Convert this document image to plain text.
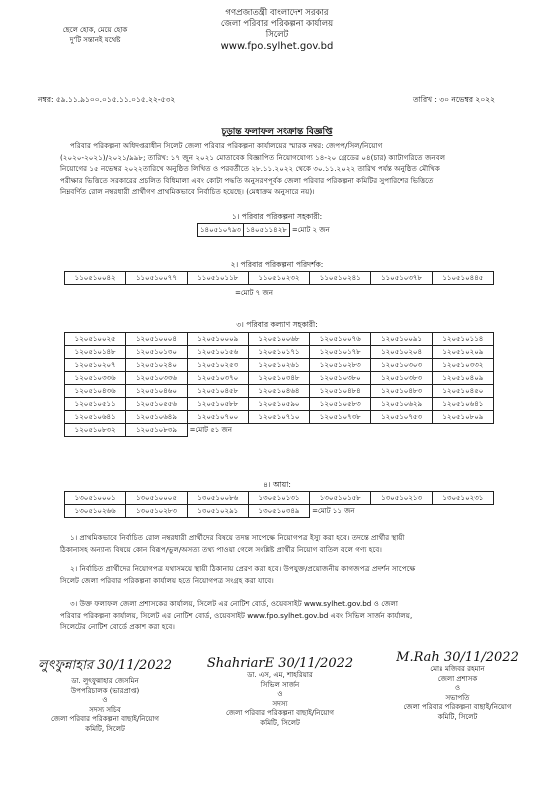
গণপ্রজাতন্ত্রী বাংলাদেশ সরকার
জেলা পরিবার পরিকল্পনা কার্যালয়
সিলেট
www.fpo.sylhet.gov.bd
ছেলে হোক, মেয়ে হোক
দু'টি সন্তানই যথেষ্ট
নম্বর: ৫৯.১১.৯১০০.০১৫.১১.০১৫.২২-৫৩২	তারিখ : ৩০ নভেম্বর ২০২২
চূড়ান্ত ফলাফল সংক্রান্ত বিজ্ঞপ্তি
পরিবার পরিকল্পনা অধিদপ্তরাধীন সিলেট জেলা পরিবার পরিকল্পনা কার্যালয়ের স্মারক নম্বর: জেপপ/সিল/নিয়োগ
(২০২০-২০২১)/২০২১/৯৯৮; তারিখ: ১৭ জুন ২০২১ মোতাবেক বিজ্ঞাপিত নিয়োগযোগ্য ১৪-২০ গ্রেডের ০৪(চার) ক্যাটাগরিতে জনবল
নিয়োগের ১৫ নভেম্বর ২০২২তারিখে অনুষ্ঠিত লিখিত ও পরবর্তীতে ২৮.১১.২০২২ থেকে ৩০.১১.২০২২ তারিখ পর্যন্ত অনুষ্ঠিত মৌখিক
পরীক্ষার ভিত্তিতে সরকারের প্রচলিত বিধিমালা এবং কোটা পদ্ধতি অনুসরণপূর্বক জেলা পরিবার পরিকল্পনা কমিটির সুপারিশের ভিত্তিতে
নিম্নবর্ণিত রোল নম্বরধারী প্রার্থীগণ প্রাথমিকভাবে নির্বাচিত হয়েছে। (মেধাক্রম অনুসারে নয়)।
১। পরিবার পরিকল্পনা সহকারী:
১৪০৫১০৭৯৩	১৪০৫১১৪২৮	=মোট ২ জন
২। পরিবার পরিকল্পনা পরিদর্শক:
১১০৫১০০৪২	১১০৫১০০৭৭	১১০৫১০১১৮	১১০৫১০২৩২	১১০৫১০২৪১	১১০৫১০৩৭৮	১১০৫১০৪৪৫
=মোট ৭ জন
৩। পরিবার কল্যাণ সহকারী:
১২০৫১০০২৫	১২০৫১০০০৪	১২০৫১০০০৯	১২০৫১০০৬৮	১২০৫১০০৭৬	১২০৫১০০৯১	১২০৫১০১১৪
১২০৫১০১৪৮	১২০৫১০১৩০	১২০৫১০১৫৬	১২০৫১০১৭১	১২০৫১০১৭৮	১২০৫১০২০৪	১২০৫১০২০৯
১২০৫১০২০৭	১২০৫১০২৪০	১২০৫১০২৫৩	১২০৫১০২৬১	১২০৫১০২৮৩	১২০৫১০৩০৩	১২০৫১০৩৩২
১২০৫১০৩৩৬	১২০৫১০৩৩৬	১২০৫১০৩৭০	১২০৫১০৩৪৮	১২০৫১০৩৮০	১২০৫১০৩৮৩	১২০৫১০৪০৯
১২০৫১০৪৩৬	১২০৫১০৪৬০	১২০৫১০৪৫৮	১২০৫১০৪৬৪	১২০৫১০৪৮৪	১২০৫১০৪৮৩	১২০৫১০৪৫০
১২০৫১০৫১১	১২০৫১০৫৫৬	১২০৫১০৫৮৮	১২০৫১০৫৯০	১২০৫১০৫৮৩	১২০৫১০৬২৯	১২০৫১০৬৪১
১২০৫১০৬৪১	১২০৫১০৬৪৯	১২০৫১০৭০০	১২০৫১০৭১০	১২০৫১০৭৩৮	১২০৫১০৭৫৩	১২০৫১০৮০৯
১২০৫১০৮৩২	১২০৫১০৮৩৯	=মোট ৫১ জন				
৪। আয়া:
১৩০৫১০০০১	১৩০৫১০০০৫	১৩০৫১০০৮৬	১৩০৫১০১৩১	১৩০৫১০১৫৮	১৩০৫১০২১৩	১৩০৫১০২৩১
১৩০৫১০২৬৬	১৩০৫১০২৮৩	১৩০৫১০২৯১	১৩০৫১০৩৪৯	=মোট ১১ জন		
১। প্রাথমিকভাবে নির্বাচিত রোল নম্বরধারী প্রার্থীদের বিষয়ে তদন্ত সাপেক্ষে নিয়োগপত্র ইস্যু করা হবে। তদন্তে প্রার্থীর স্থায়ী
ঠিকানাসহ অন্যান্য বিষয়ে কোন বিরূপ/ভুল/অসত্য তথ্য পাওয়া গেলে সংশ্লিষ্ট প্রার্থীর নিয়োগ বাতিল বলে গণ্য হবে।
২। নির্বাচিত প্রার্থীদের নিয়োগপত্র যথাসময়ে স্থায়ী ঠিকানায় প্রেরণ করা হবে। উপযুক্ত/প্রয়োজনীয় কাগজপত্র প্রদর্শন সাপেক্ষে
সিলেট জেলা পরিবার পরিকল্পনা কার্যালয় হতে নিয়োগপত্র সংগ্রহ করা যাবে।
৩। উক্ত ফলাফল জেলা প্রশাসকের কার্যালয়, সিলেট এর নোটিশ বোর্ড, ওয়েবসাইট www.sylhet.gov.bd ও জেলা
পরিবার পরিকল্পনা কার্যালয়, সিলেট এর নোটিশ বোর্ড, ওয়েবসাইট www.fpo.sylhet.gov.bd এবং সিভিল সার্জন কার্যালয়,
সিলেটের নোটিশ বোর্ডে প্রকাশ করা হবে।
লুৎফুন্নাহার 30/11/2022
ডা. লুৎফুন্নাহার জেসমিন
উপপরিচালক (ভারপ্রাপ্ত)
ও
সদস্য সচিব
জেলা পরিবার পরিকল্পনা বাছাই/নিয়োগ
কমিটি, সিলেট
ShahriarE 30/11/2022
ডা. এস, এম, শাহরিয়ার
সিভিল সার্জন
ও
সদস্য
জেলা পরিবার পরিকল্পনা বাছাই/নিয়োগ
কমিটি, সিলেট
M.Rah 30/11/2022
মোঃ মজিবর রহমান
জেলা প্রশাসক
ও
সভাপতি
জেলা পরিবার পরিকল্পনা বাছাই/নিয়োগ
কমিটি, সিলেট
